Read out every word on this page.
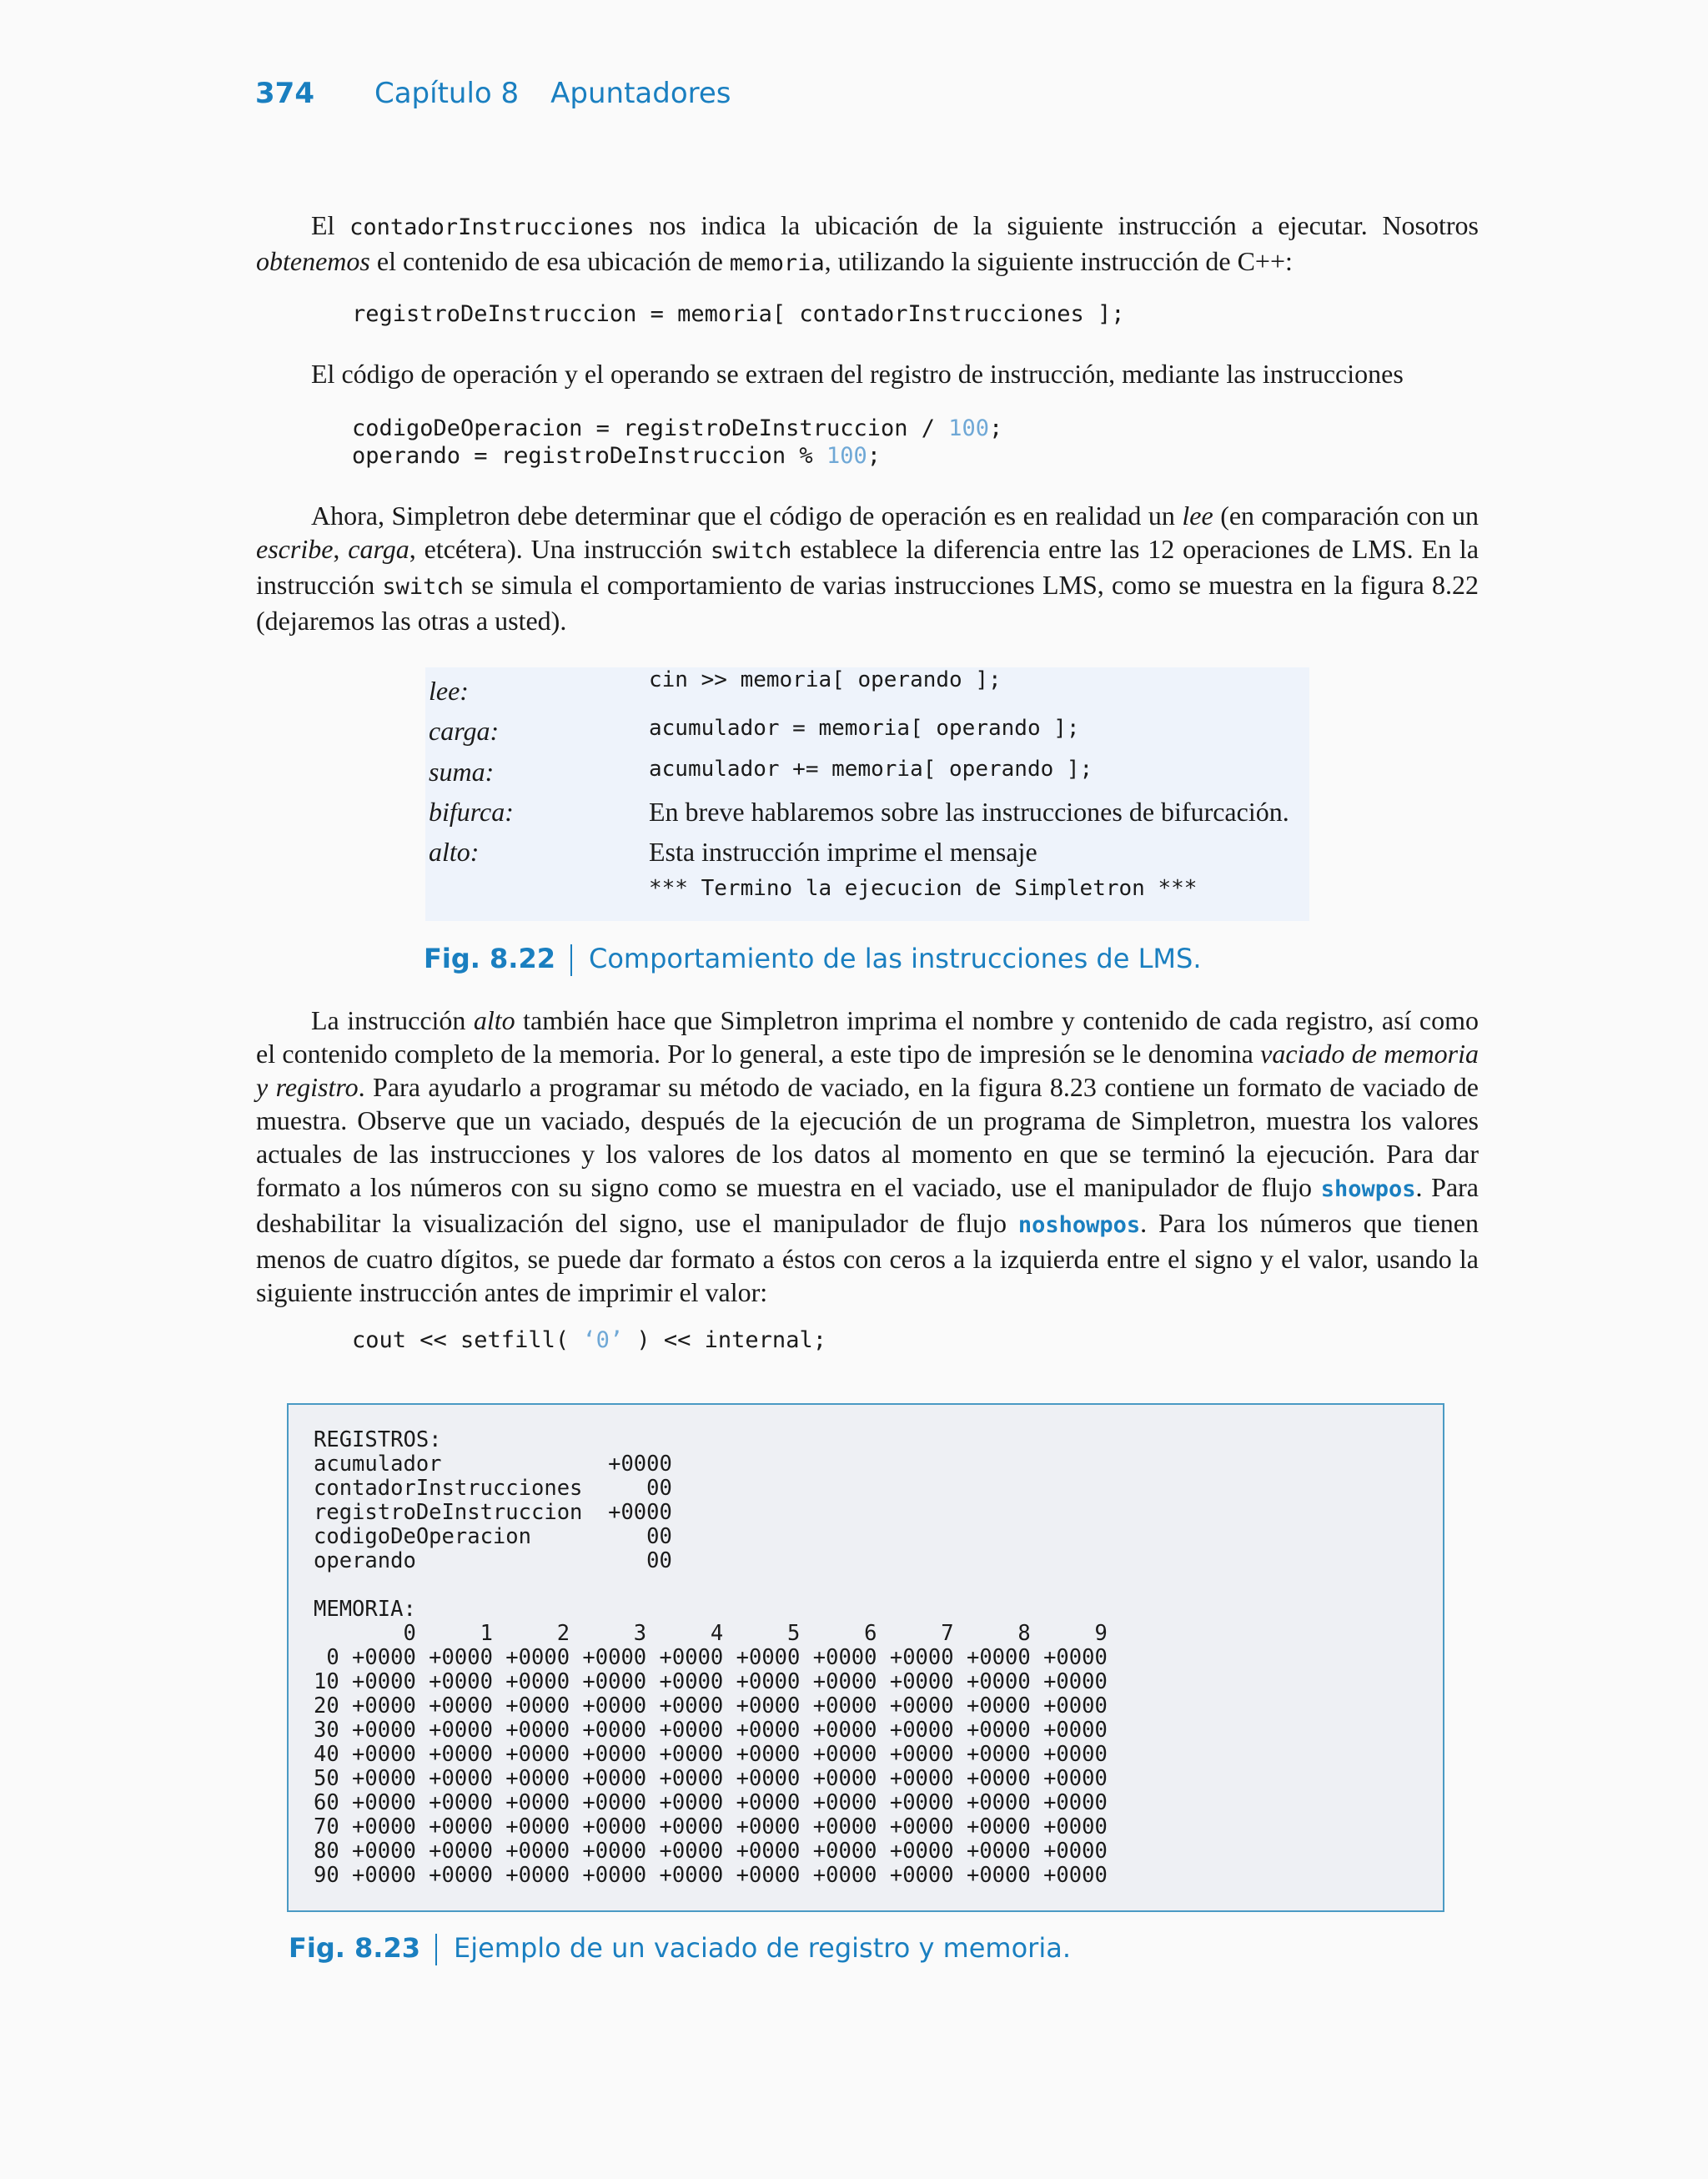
374 Capítulo 8 Apuntadores
El contadorInstrucciones nos indica la ubicación de la siguiente instrucción a ejecutar. Nosotros obtenemos el contenido de esa ubicación de memoria, utilizando la siguiente instrucción de C++:
registroDeInstruccion = memoria[ contadorInstrucciones ];
El código de operación y el operando se extraen del registro de instrucción, mediante las instrucciones
codigoDeOperacion = registroDeInstruccion / 100;
operando = registroDeInstruccion % 100;
Ahora, Simpletron debe determinar que el código de operación es en realidad un lee (en comparación con un escribe, carga, etcétera). Una instrucción switch establece la diferencia entre las 12 operaciones de LMS. En la instrucción switch se simula el comportamiento de varias instrucciones LMS, como se muestra en la figura 8.22 (dejaremos las otras a usted).
lee:	cin >> memoria[ operando ];
carga:	acumulador = memoria[ operando ];
suma:	acumulador += memoria[ operando ];
bifurca:	En breve hablaremos sobre las instrucciones de bifurcación.
alto:	Esta instrucción imprime el mensaje
*** Termino la ejecucion de Simpletron ***
Fig. 8.22 Comportamiento de las instrucciones de LMS.
La instrucción alto también hace que Simpletron imprima el nombre y contenido de cada registro, así como el contenido completo de la memoria. Por lo general, a este tipo de impresión se le denomina vaciado de memoria y registro. Para ayudarlo a programar su método de vaciado, en la figura 8.23 contiene un formato de vaciado de muestra. Observe que un vaciado, después de la ejecución de un programa de Simpletron, muestra los valores actuales de las instrucciones y los valores de los datos al momento en que se terminó la ejecución. Para dar formato a los números con su signo como se muestra en el vaciado, use el manipulador de flujo showpos. Para deshabilitar la visualización del signo, use el manipulador de flujo noshowpos. Para los números que tienen menos de cuatro dígitos, se puede dar formato a éstos con ceros a la izquierda entre el signo y el valor, usando la siguiente instrucción antes de imprimir el valor:
cout << setfill( ‘0’ ) << internal;
REGISTROS:
acumulador             +0000
contadorInstrucciones     00
registroDeInstruccion  +0000
codigoDeOperacion         00
operando                  00

MEMORIA:
0     1     2     3     4     5     6     7     8     9
0 +0000 +0000 +0000 +0000 +0000 +0000 +0000 +0000 +0000 +0000
10 +0000 +0000 +0000 +0000 +0000 +0000 +0000 +0000 +0000 +0000
20 +0000 +0000 +0000 +0000 +0000 +0000 +0000 +0000 +0000 +0000
30 +0000 +0000 +0000 +0000 +0000 +0000 +0000 +0000 +0000 +0000
40 +0000 +0000 +0000 +0000 +0000 +0000 +0000 +0000 +0000 +0000
50 +0000 +0000 +0000 +0000 +0000 +0000 +0000 +0000 +0000 +0000
60 +0000 +0000 +0000 +0000 +0000 +0000 +0000 +0000 +0000 +0000
70 +0000 +0000 +0000 +0000 +0000 +0000 +0000 +0000 +0000 +0000
80 +0000 +0000 +0000 +0000 +0000 +0000 +0000 +0000 +0000 +0000
90 +0000 +0000 +0000 +0000 +0000 +0000 +0000 +0000 +0000 +0000
Fig. 8.23 Ejemplo de un vaciado de registro y memoria.
